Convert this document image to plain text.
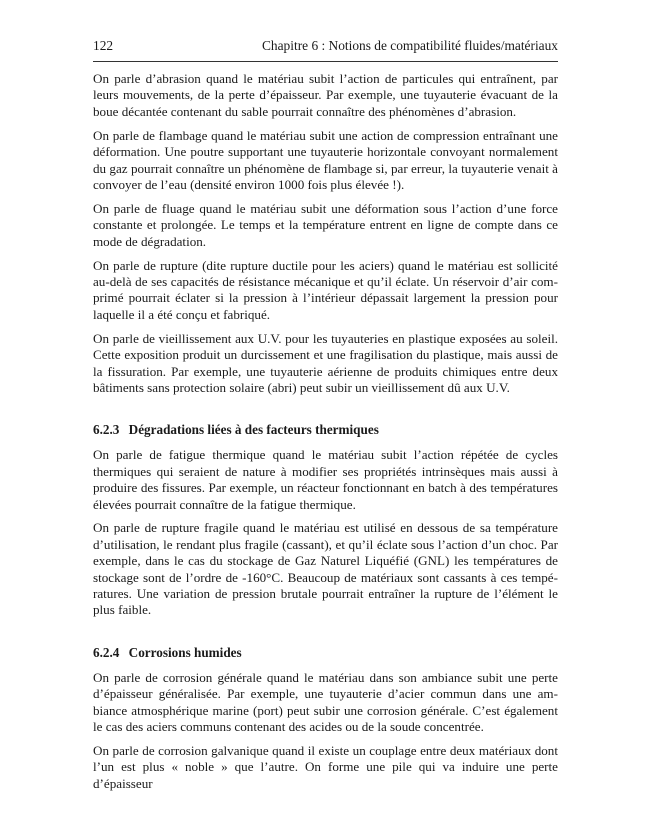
122	Chapitre 6 : Notions de compatibilité fluides/matériaux

On parle d’abrasion quand le matériau subit l’action de particules qui entraînent, par leurs mouvements, de la perte d’épaisseur. Par exemple, une tuyauterie évacuant de la boue décantée contenant du sable pourrait connaître des phénomènes d’abrasion.

On parle de flambage quand le matériau subit une action de compression entraînant une déformation. Une poutre supportant une tuyauterie horizontale convoyant normalement du gaz pourrait connaître un phénomène de flambage si, par erreur, la tuyauterie venait à convoyer de l’eau (densité environ 1000 fois plus élevée !).

On parle de fluage quand le matériau subit une déformation sous l’action d’une force constante et prolongée. Le temps et la température entrent en ligne de compte dans ce mode de dégradation.

On parle de rupture (dite rupture ductile pour les aciers) quand le matériau est sollicité au-delà de ses capacités de résistance mécanique et qu’il éclate. Un réservoir d’air comprimé pourrait éclater si la pression à l’intérieur dépassait largement la pression pour laquelle il a été conçu et fabriqué.

On parle de vieillissement aux U.V. pour les tuyauteries en plastique exposées au soleil. Cette exposition produit un durcissement et une fragilisation du plastique, mais aussi de la fissuration. Par exemple, une tuyauterie aérienne de produits chimiques entre deux bâtiments sans protection solaire (abri) peut subir un vieillissement dû aux U.V.

6.2.3 Dégradations liées à des facteurs thermiques

On parle de fatigue thermique quand le matériau subit l’action répétée de cycles thermiques qui seraient de nature à modifier ses propriétés intrinsèques mais aussi à produire des fissures. Par exemple, un réacteur fonctionnant en batch à des températures élevées pourrait connaître de la fatigue thermique.

On parle de rupture fragile quand le matériau est utilisé en dessous de sa température d’utilisation, le rendant plus fragile (cassant), et qu’il éclate sous l’action d’un choc. Par exemple, dans le cas du stockage de Gaz Naturel Liquéfié (GNL) les températures de stockage sont de l’ordre de -160°C. Beaucoup de matériaux sont cassants à ces températures. Une variation de pression brutale pourrait entraîner la rupture de l’élément le plus faible.

6.2.4 Corrosions humides

On parle de corrosion générale quand le matériau dans son ambiance subit une perte d’épaisseur généralisée. Par exemple, une tuyauterie d’acier commun dans une ambiance atmosphérique marine (port) peut subir une corrosion générale. C’est également le cas des aciers communs contenant des acides ou de la soude concentrée.

On parle de corrosion galvanique quand il existe un couplage entre deux matériaux dont l’un est plus « noble » que l’autre. On forme une pile qui va induire une perte d’épaisseur
